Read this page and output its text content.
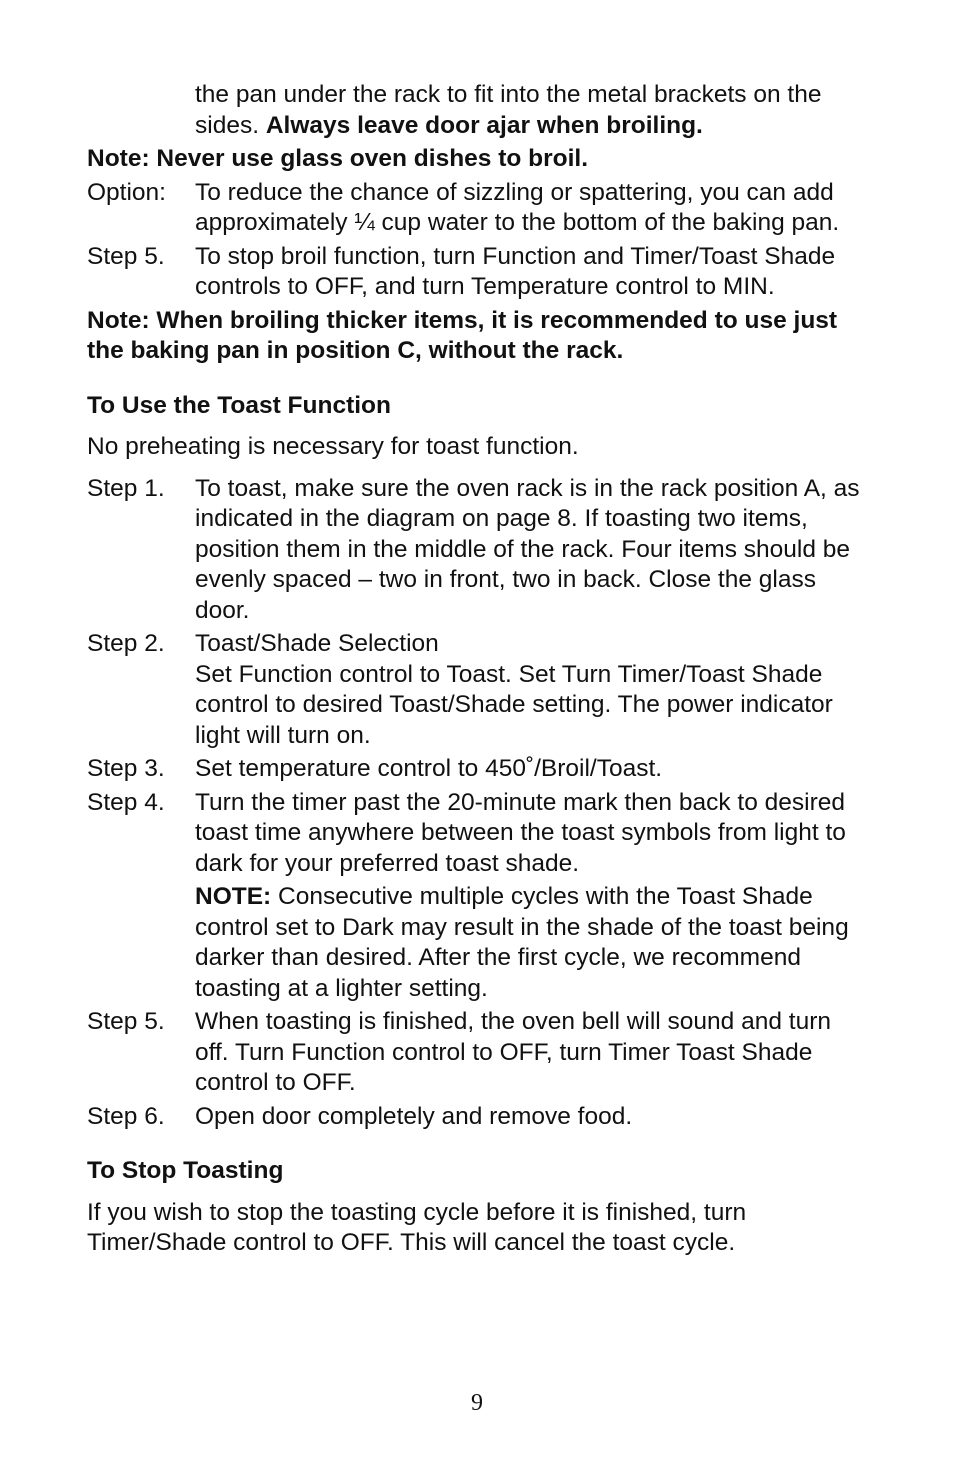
the pan under the rack to fit into the metal brackets on the sides. Always leave door ajar when broiling.
Note: Never use glass oven dishes to broil.
Option:	To reduce the chance of sizzling or spattering, you can add approximately ¼ cup water to the bottom of the baking pan.
Step 5.	To stop broil function, turn Function and Timer/Toast Shade controls to OFF, and turn Temperature control to MIN.
Note: When broiling thicker items, it is recommended to use just the baking pan in position C, without the rack.
To Use the Toast Function
No preheating is necessary for toast function.
Step 1.	To toast, make sure the oven rack is in the rack position A, as indicated in the diagram on page 8. If toasting two items, position them in the middle of the rack. Four items should be evenly spaced – two in front, two in back. Close the glass door.
Step 2.	Toast/Shade Selection
Set Function control to Toast. Set Turn Timer/Toast Shade control to desired Toast/Shade setting. The power indicator light will turn on.
Step 3.	Set temperature control to 450˚/Broil/Toast.
Step 4.	Turn the timer past the 20-minute mark then back to desired toast time anywhere between the toast symbols from light to dark for your preferred toast shade.
NOTE: Consecutive multiple cycles with the Toast Shade control set to Dark may result in the shade of the toast being darker than desired. After the first cycle, we recommend toasting at a lighter setting.
Step 5.	When toasting is finished, the oven bell will sound and turn off. Turn Function control to OFF, turn Timer Toast Shade control to OFF.
Step 6.	Open door completely and remove food.
To Stop Toasting
If you wish to stop the toasting cycle before it is finished, turn Timer/Shade control to OFF. This will cancel the toast cycle.
9
